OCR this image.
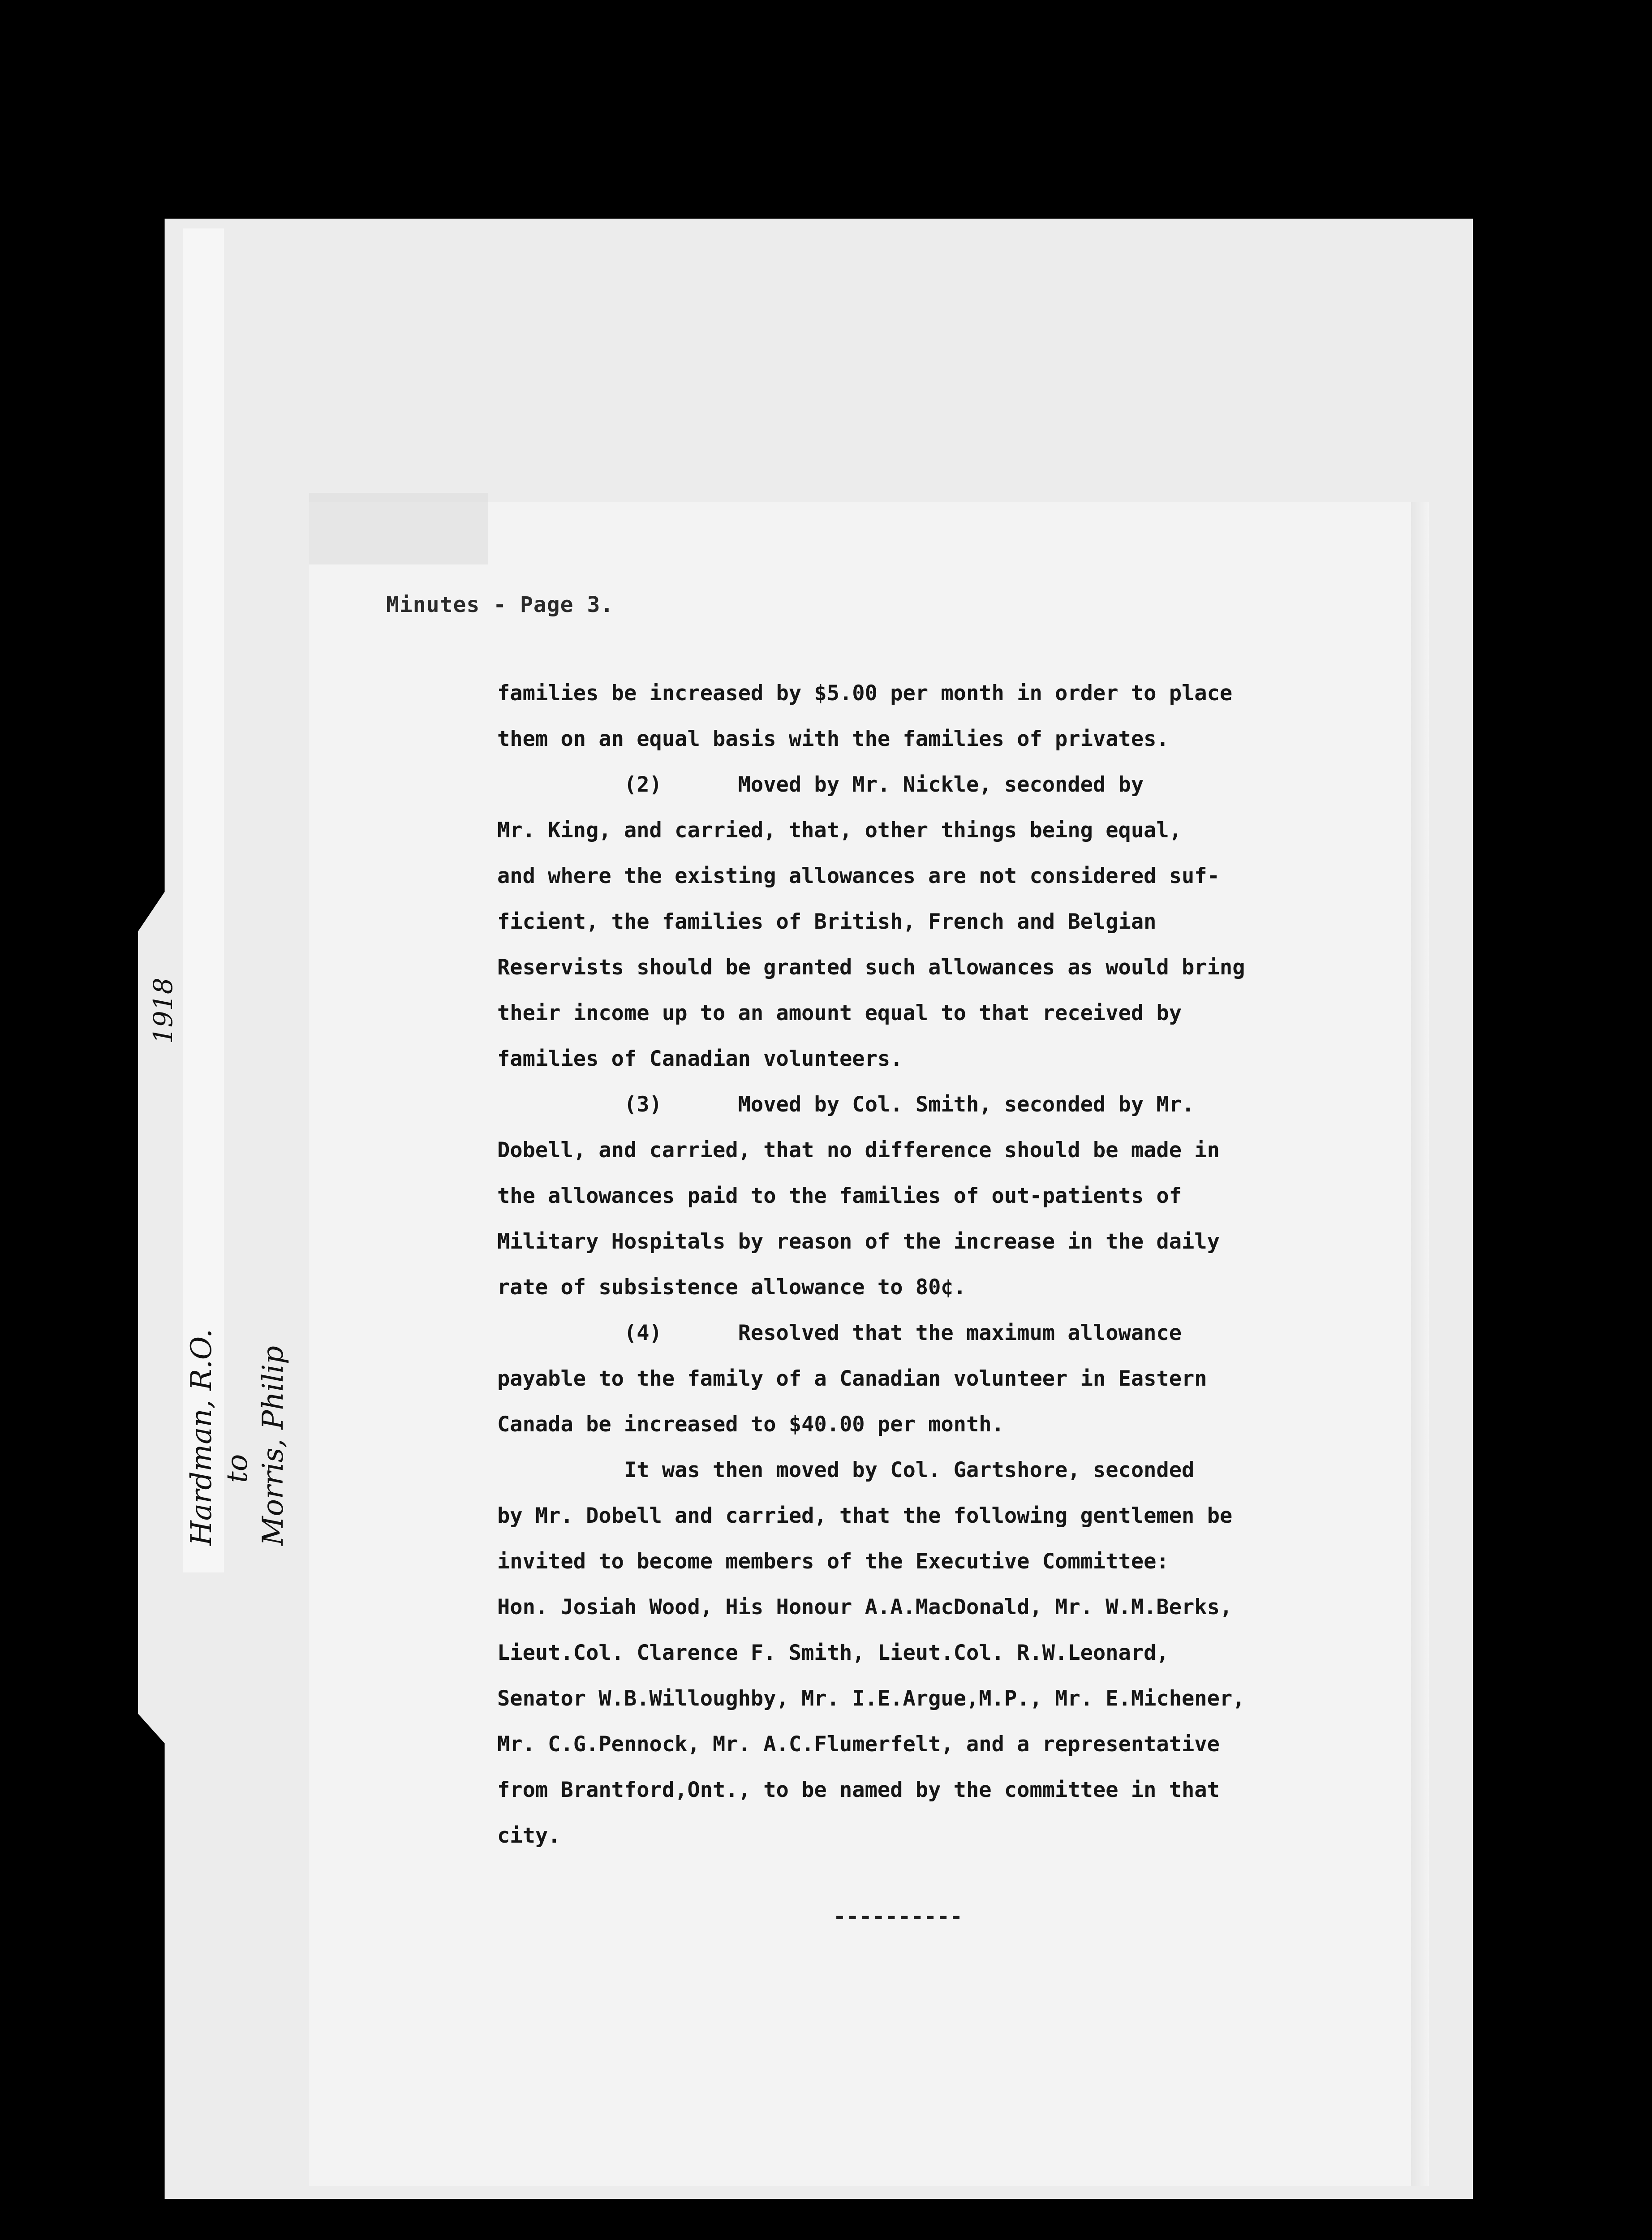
1918
Hardman, R.O. to Morris, Philip
Minutes - Page 3.
families be increased by $5.00 per month in order to place
them on an equal basis with the families of privates.
(2)      Moved by Mr. Nickle, seconded by
Mr. King, and carried, that, other things being equal,
and where the existing allowances are not considered suf-
ficient, the families of British, French and Belgian
Reservists should be granted such allowances as would bring
their income up to an amount equal to that received by
families of Canadian volunteers.
(3)      Moved by Col. Smith, seconded by Mr.
Dobell, and carried, that no difference should be made in
the allowances paid to the families of out-patients of
Military Hospitals by reason of the increase in the daily
rate of subsistence allowance to 80¢.
(4)      Resolved that the maximum allowance
payable to the family of a Canadian volunteer in Eastern
Canada be increased to $40.00 per month.
It was then moved by Col. Gartshore, seconded
by Mr. Dobell and carried, that the following gentlemen be
invited to become members of the Executive Committee:
Hon. Josiah Wood, His Honour A.A.MacDonald, Mr. W.M.Berks,
Lieut.Col. Clarence F. Smith, Lieut.Col. R.W.Leonard,
Senator W.B.Willoughby, Mr. I.E.Argue,M.P., Mr. E.Michener,
Mr. C.G.Pennock, Mr. A.C.Flumerfelt, and a representative
from Brantford,Ont., to be named by the committee in that
city.
----------
